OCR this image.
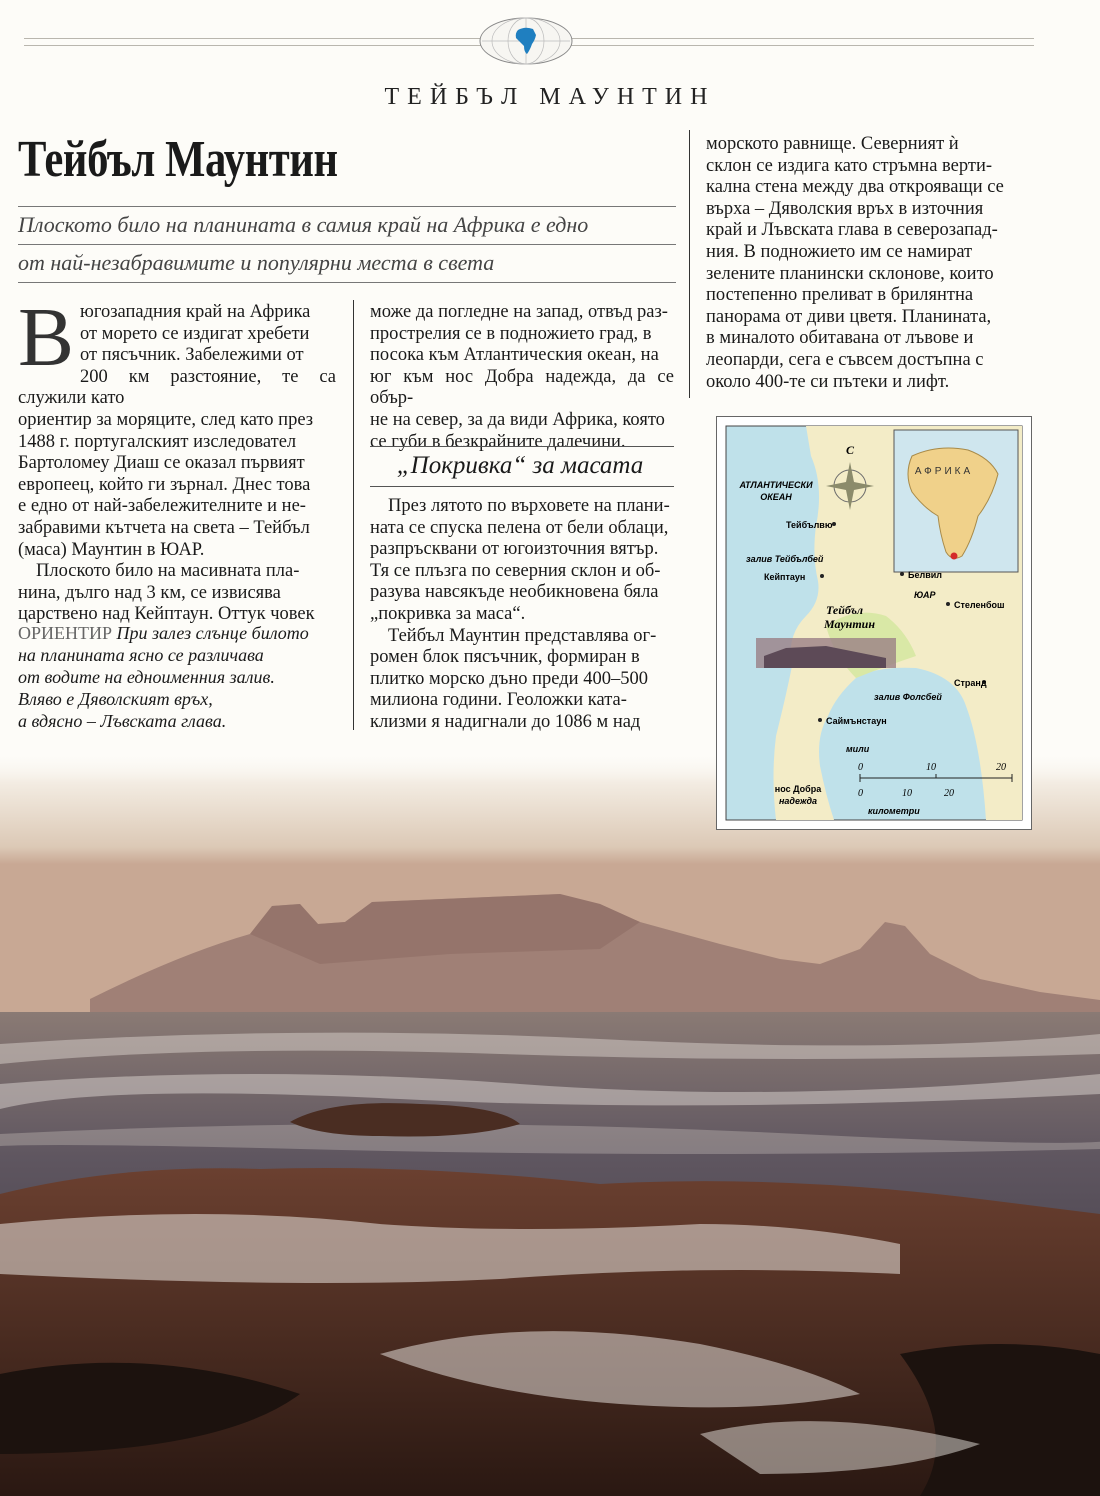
ТЕЙБЪЛ МАУНТИН
Тейбъл Маунтин
Плоското било на планината в самия край на Африка е едно
от най-незабравимите и популярни места в света
В югозападния край на Африка

от морето се издигат хребети

от пясъчник. Забележими от

200 км разстояние, те са служили като

ориентир за моряците, след като през

1488 г. португалският изследовател

Бартоломеу Диаш се оказал първият

европеец, който ги зърнал. Днес това

е едно от най-забележителните и не-

забравими кътчета на света – Тейбъл

(маса) Маунтин в ЮАР.

Плоското било на масивната пла-

нина, дълго над 3 км, се извисява

царствено над Кейптаун. Оттук човек

ОРИЕНТИР При залез слънце билото
на планината ясно се различава
от водите на едноименния залив.
Вляво е Дяволският връх,
а вдясно – Лъвската глава.

може да погледне на запад, отвъд раз-

прострелия се в подножието град, в

посока към Атлантическия океан, на

юг към нос Добра надежда, да се обър-

не на север, за да види Африка, която

се губи в безкрайните далечини.

„Покривка“ за масата

През лятото по върховете на плани-

ната се спуска пелена от бели облаци,

разпръсквани от югоизточния вятър.

Тя се плъзга по северния склон и об-

разува навсякъде необикновена бяла

„покривка за маса“.

Тейбъл Маунтин представлява ог-

ромен блок пясъчник, формиран в

плитко морско дъно преди 400–500

милиона години. Геоложки ката-

клизми я надигнали до 1086 м над

морското равнище. Северният ѝ

склон се издига като стръмна верти-

кална стена между два открояващи се

върха – Дяволския връх в източния

край и Лъвската глава в северозапад-

ния. В подножието им се намират

зелените планински склонове, които

постепенно преливат в брилянтна

панорама от диви цветя. Планината,

в миналото обитавана от лъвове и

леопарди, сега е съвсем достъпна с

около 400-те си пътеки и лифт.

АФРИКА
С
АТЛАНТИЧЕСКИ
ОКЕАН
Тейбълвю
залив Тейбълбей
Кейптаун	Белвил
ЮАР
Стеленбош
Тейбъл
Маунтин
Странд
залив Фолсбей
Саймънстаун
мили
0	10	20
0	10	20
километри
нос Добра
надежда
